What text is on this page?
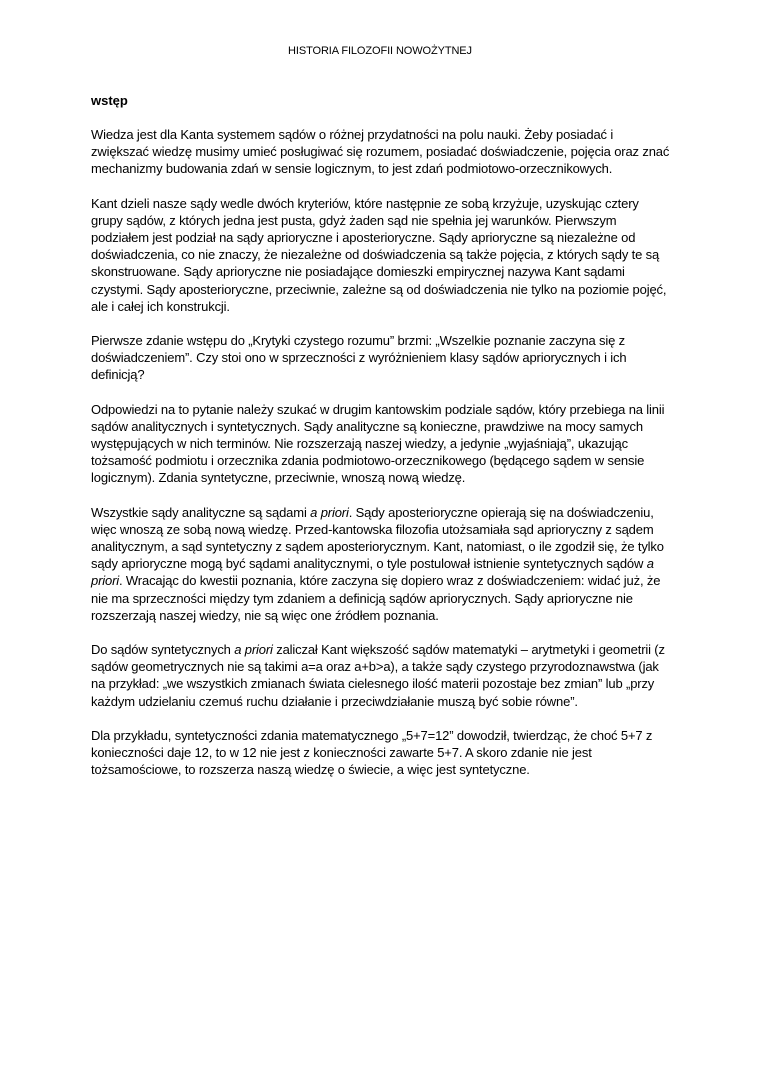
HISTORIA FILOZOFII NOWOŻYTNEJ
wstęp

Wiedza jest dla Kanta systemem sądów o różnej przydatności na polu nauki. Żeby posiadać i zwiększać wiedzę musimy umieć posługiwać się rozumem, posiadać doświadczenie, pojęcia oraz znać mechanizmy budowania zdań w sensie logicznym, to jest zdań podmiotowo-orzecznikowych.

Kant dzieli nasze sądy wedle dwóch kryteriów, które następnie ze sobą krzyżuje, uzyskując cztery grupy sądów, z których jedna jest pusta, gdyż żaden sąd nie spełnia jej warunków. Pierwszym podziałem jest podział na sądy aprioryczne i aposterioryczne. Sądy aprioryczne są niezależne od doświadczenia, co nie znaczy, że niezależne od doświadczenia są także pojęcia, z których sądy te są skonstruowane. Sądy aprioryczne nie posiadające domieszki empirycznej nazywa Kant sądami czystymi. Sądy aposterioryczne, przeciwnie, zależne są od doświadczenia nie tylko na poziomie pojęć, ale i całej ich konstrukcji.

Pierwsze zdanie wstępu do „Krytyki czystego rozumu” brzmi: „Wszelkie poznanie zaczyna się z doświadczeniem”. Czy stoi ono w sprzeczności z wyróżnieniem klasy sądów apriorycznych i ich definicją?

Odpowiedzi na to pytanie należy szukać w drugim kantowskim podziale sądów, który przebiega na linii sądów analitycznych i syntetycznych. Sądy analityczne są konieczne, prawdziwe na mocy samych występujących w nich terminów. Nie rozszerzają naszej wiedzy, a jedynie „wyjaśniają”, ukazując tożsamość podmiotu i orzecznika zdania podmiotowo-orzecznikowego (będącego sądem w sensie logicznym). Zdania syntetyczne, przeciwnie, wnoszą nową wiedzę.

Wszystkie sądy analityczne są sądami a priori. Sądy aposterioryczne opierają się na doświadczeniu, więc wnoszą ze sobą nową wiedzę. Przed-kantowska filozofia utożsamiała sąd aprioryczny z sądem analitycznym, a sąd syntetyczny z sądem aposteriorycznym. Kant, natomiast, o ile zgodził się, że tylko sądy aprioryczne mogą być sądami analitycznymi, o tyle postulował istnienie syntetycznych sądów a priori. Wracając do kwestii poznania, które zaczyna się dopiero wraz z doświadczeniem: widać już, że nie ma sprzeczności między tym zdaniem a definicją sądów apriorycznych. Sądy aprioryczne nie rozszerzają naszej wiedzy, nie są więc one źródłem poznania.

Do sądów syntetycznych a priori zaliczał Kant większość sądów matematyki – arytmetyki i geometrii (z sądów geometrycznych nie są takimi a=a oraz a+b>a), a także sądy czystego przyrodoznawstwa (jak na przykład: „we wszystkich zmianach świata cielesnego ilość materii pozostaje bez zmian” lub „przy każdym udzielaniu czemuś ruchu działanie i przeciwdziałanie muszą być sobie równe”.

Dla przykładu, syntetyczności zdania matematycznego „5+7=12” dowodził, twierdząc, że choć 5+7 z konieczności daje 12, to w 12 nie jest z konieczności zawarte 5+7. A skoro zdanie nie jest tożsamościowe, to rozszerza naszą wiedzę o świecie, a więc jest syntetyczne.
